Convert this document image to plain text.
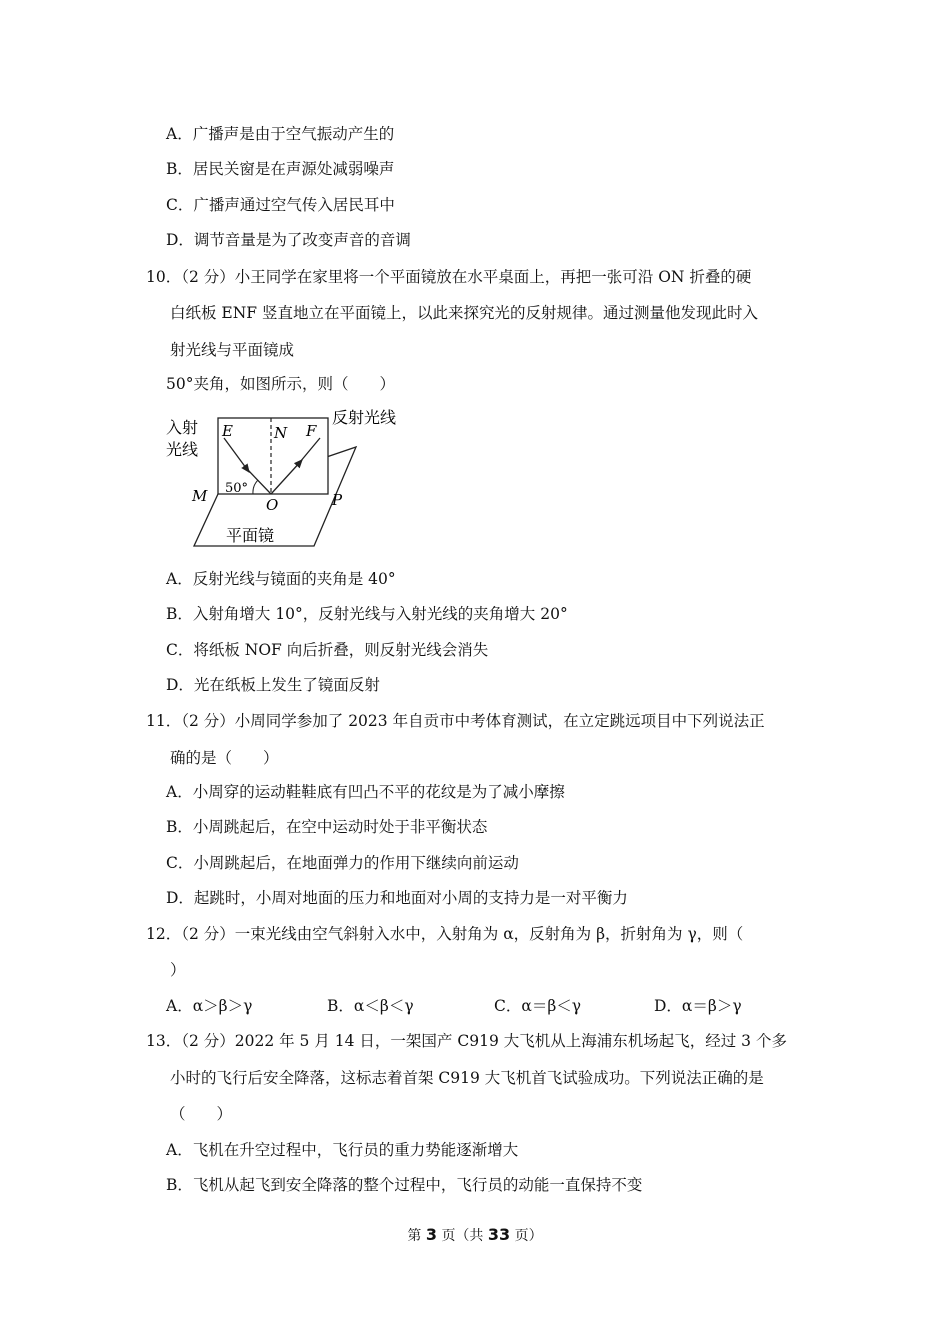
A．广播声是由于空气振动产生的
B．居民关窗是在声源处减弱噪声
C．广播声通过空气传入居民耳中
D．调节音量是为了改变声音的音调
10．（2 分）小王同学在家里将一个平面镜放在水平桌面上，再把一张可沿 ON 折叠的硬
白纸板 ENF 竖直地立在平面镜上，以此来探究光的反射规律。通过测量他发现此时入
射光线与平面镜成
50°夹角，如图所示，则（　　）
入射
光线
反射光线
E	N F
M	O	P
50°
平面镜
A．反射光线与镜面的夹角是 40°
B．入射角增大 10°，反射光线与入射光线的夹角增大 20°
C．将纸板 NOF 向后折叠，则反射光线会消失
D．光在纸板上发生了镜面反射
11．（2 分）小周同学参加了 2023 年自贡市中考体育测试，在立定跳远项目中下列说法正
确的是（　　）
A．小周穿的运动鞋鞋底有凹凸不平的花纹是为了减小摩擦
B．小周跳起后，在空中运动时处于非平衡状态
C．小周跳起后，在地面弹力的作用下继续向前运动
D．起跳时，小周对地面的压力和地面对小周的支持力是一对平衡力
12．（2 分）一束光线由空气斜射入水中，入射角为 α，反射角为 β，折射角为 γ，则（
）
A．α＞β＞γ	B．α＜β＜γ	C．α＝β＜γ	D．α＝β＞γ
13．（2 分）2022 年 5 月 14 日，一架国产 C919 大飞机从上海浦东机场起飞，经过 3 个多
小时的飞行后安全降落，这标志着首架 C919 大飞机首飞试验成功。下列说法正确的是
（　　）
A．飞机在升空过程中，飞行员的重力势能逐渐增大
B．飞机从起飞到安全降落的整个过程中，飞行员的动能一直保持不变
第 3 页（共 33 页）
